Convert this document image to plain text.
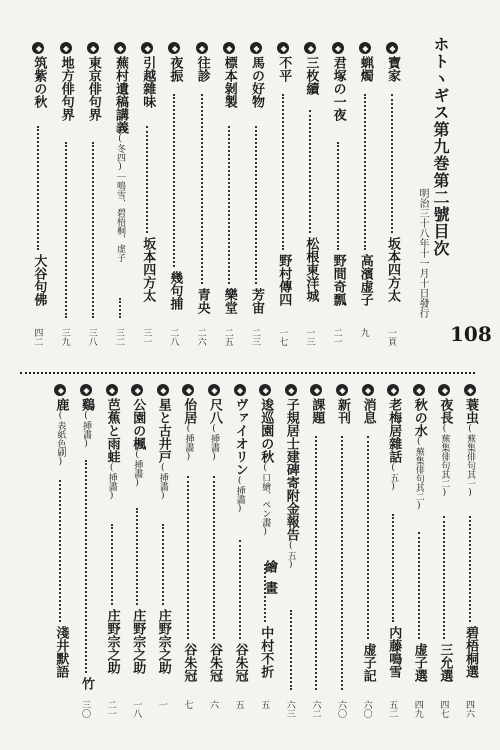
ホトヽギス第九巻第二號目次
明治三十八年十一月十日發行
108
繪畫
◆寶家
坂本四方太
一頁
◆蝋燭
高濱虚子
九
◆君塚の一夜
野間奇瓢
二一
◆三枚續
松根東洋城
一三
◆不平
野村傳四
一七
◆馬の好物
芳宙
二三
◆標本剝製
樂堂
二五
◆往診
青央
二六
◆夜振
幾句捕
二八
◆引越雜味
坂本四方太
三一
◆蕪村遺稿講義(冬四)｜鳴雪、碧梧桐、虚子
三二
◆東京俳句界
三八
◆地方俳句界
三九
◆筑紫の秋
大谷句佛
四二
◆蓑虫(蕪集俳句其一)
碧梧桐選
四六
◆夜長(蕪集俳句其二)
三允選
四七
◆秋の水(蕪集俳句其二)
虚子選
四九
◆老梅居雜話(五)
内藤鳴雪
五二
◆消息
虚子記
六〇
◆新刊
六〇
◆課題
六二
◆子規居士建碑寄附金報告(五)
六三
◆逡巡園の秋(口繪、ペン畵)
中村不折
五
◆ヴァイオリン(挿畵)
谷朱冠
五
◆尺八(挿畵)
谷朱冠
六
◆佁居(挿畵)
谷朱冠
七
◆星と古井戸(挿畵)
庄野宗之助
一
◆公園の楓(挿畵)
庄野宗之助
一八
◆芭蕉と雨蛙(挿畵)
庄野宗之助
二一
◆鷄(挿畵)
竹
三〇
◆鹿(表紙色刷)
淺井默語
